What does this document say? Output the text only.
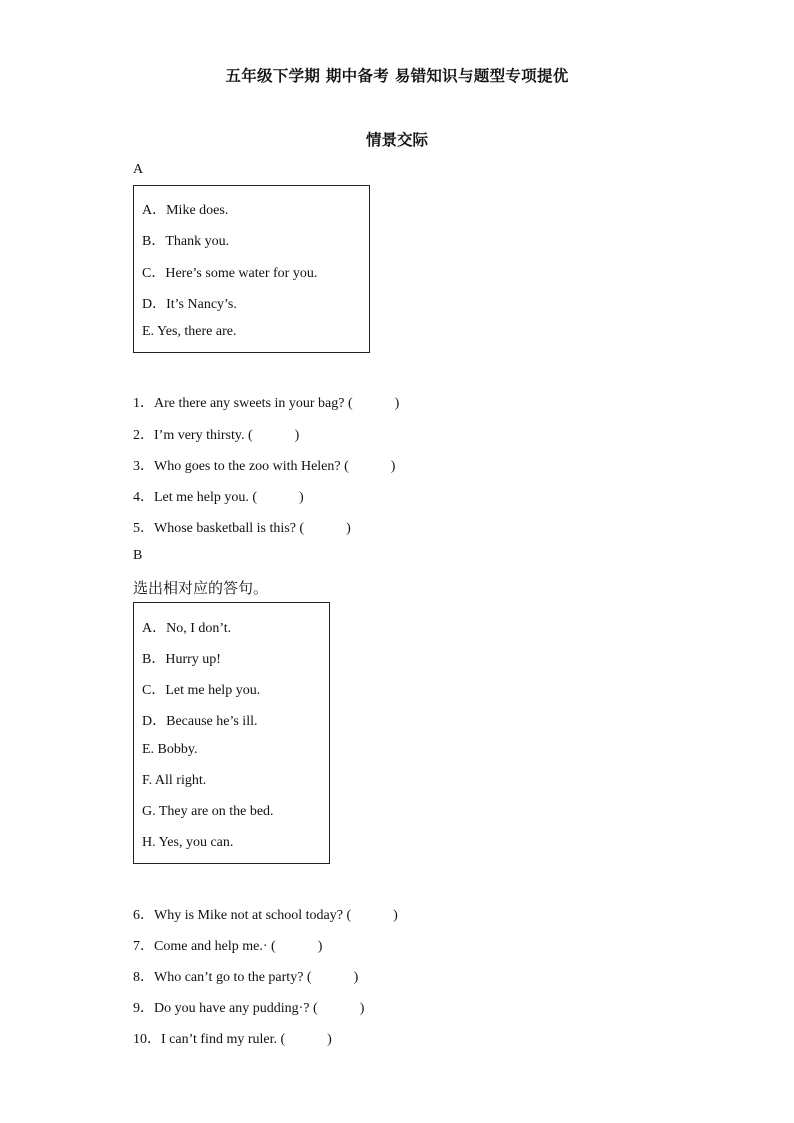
五年级下学期 期中备考 易错知识与题型专项提优
情景交际
A
A．Mike does.
B．Thank you.
C．Here’s some water for you.
D．It’s Nancy’s.
E. Yes, there are.
1．Are there any sweets in your bag? (　　　)
2．I’m very thirsty. (　　　)
3．Who goes to the zoo with Helen? (　　　)
4．Let me help you. (　　　)
5．Whose basketball is this? (　　　)
B
选出相对应的答句。
A．No, I don’t.
B．Hurry up!
C．Let me help you.
D．Because he’s ill.
E. Bobby.
F. All right.
G. They are on the bed.
H. Yes, you can.
6．Why is Mike not at school today? (　　　)
7．Come and help me.· (　　　)
8．Who can’t go to the party? (　　　)
9．Do you have any pudding·? (　　　)
10．I can’t find my ruler. (　　　)
